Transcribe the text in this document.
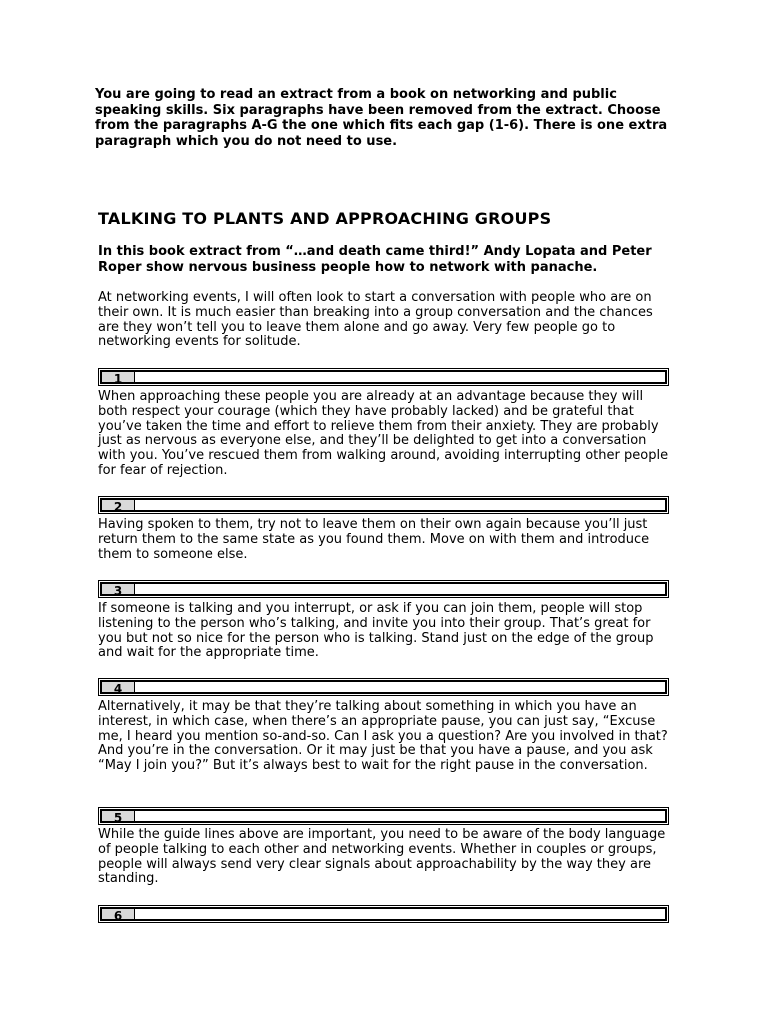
You are going to read an extract from a book on networking and public speaking skills. Six paragraphs have been removed from the extract. Choose from the paragraphs A-G the one which fits each gap (1-6). There is one extra paragraph which you do not need to use.
TALKING TO PLANTS AND APPROACHING GROUPS
In this book extract from “…and death came third!” Andy Lopata and Peter Roper show nervous business people how to network with panache.
At networking events, I will often look to start a conversation with people who are on their own. It is much easier than breaking into a group conversation and the chances are they won’t tell you to leave them alone and go away. Very few people go to networking events for solitude.
1
When approaching these people you are already at an advantage because they will both respect your courage (which they have probably lacked) and be grateful that you’ve taken the time and effort to relieve them from their anxiety. They are probably just as nervous as everyone else, and they’ll be delighted to get into a conversation with you. You’ve rescued them from walking around, avoiding interrupting other people for fear of rejection.
2
Having spoken to them, try not to leave them on their own again because you’ll just return them to the same state as you found them. Move on with them and introduce them to someone else.
3
If someone is talking and you interrupt, or ask if you can join them, people will stop listening to the person who’s talking, and invite you into their group. That’s great for you but not so nice for the person who is talking. Stand just on the edge of the group and wait for the appropriate time.
4
Alternatively, it may be that they’re talking about something in which you have an interest, in which case, when there’s an appropriate pause, you can just say, “Excuse me, I heard you mention so-and-so. Can I ask you a question? Are you involved in that? And you’re in the conversation. Or it may just be that you have a pause, and you ask “May I join you?” But it’s always best to wait for the right pause in the conversation.
5
While the guide lines above are important, you need to be aware of the body language of people talking to each other and networking events. Whether in couples or groups, people will always send very clear signals about approachability by the way they are standing.
6
